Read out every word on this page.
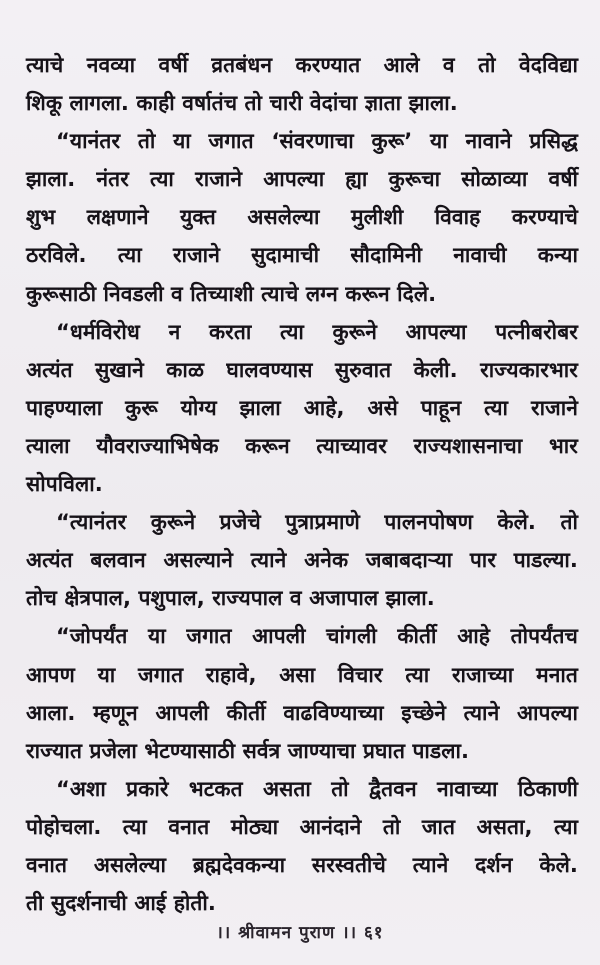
त्याचे नवव्या वर्षी व्रतबंधन करण्यात आले व तो वेदविद्या
शिकू लागला. काही वर्षातंच तो चारी वेदांचा ज्ञाता झाला.
“यानंतर तो या जगात ‘संवरणाचा कुरू’ या नावाने प्रसिद्ध
झाला. नंतर त्या राजाने आपल्या ह्या कुरूचा सोळाव्या वर्षी
शुभ लक्षणाने युक्त असलेल्या मुलीशी विवाह करण्याचे
ठरविले. त्या राजाने सुदामाची सौदामिनी नावाची कन्या
कुरूसाठी निवडली व तिच्याशी त्याचे लग्न करून दिले.
“धर्मविरोध न करता त्या कुरूने आपल्या पत्नीबरोबर
अत्यंत सुखाने काळ घालवण्यास सुरुवात केली. राज्यकारभार
पाहण्याला कुरू योग्य झाला आहे, असे पाहून त्या राजाने
त्याला यौवराज्याभिषेक करून त्याच्यावर राज्यशासनाचा भार
सोपविला.
“त्यानंतर कुरूने प्रजेचे पुत्राप्रमाणे पालनपोषण केले. तो
अत्यंत बलवान असल्याने त्याने अनेक जबाबदाऱ्या पार पाडल्या.
तोच क्षेत्रपाल, पशुपाल, राज्यपाल व अजापाल झाला.
“जोपर्यंत या जगात आपली चांगली कीर्ती आहे तोपर्यंतच
आपण या जगात राहावे, असा विचार त्या राजाच्या मनात
आला. म्हणून आपली कीर्ती वाढविण्याच्या इच्छेने त्याने आपल्या
राज्यात प्रजेला भेटण्यासाठी सर्वत्र जाण्याचा प्रघात पाडला.
“अशा प्रकारे भटकत असता तो द्वैतवन नावाच्या ठिकाणी
पोहोचला. त्या वनात मोठ्या आनंदाने तो जात असता, त्या
वनात असलेल्या ब्रह्मदेवकन्या सरस्वतीचे त्याने दर्शन केले.
ती सुदर्शनाची आई होती.
।। श्रीवामन पुराण ।। ६१
